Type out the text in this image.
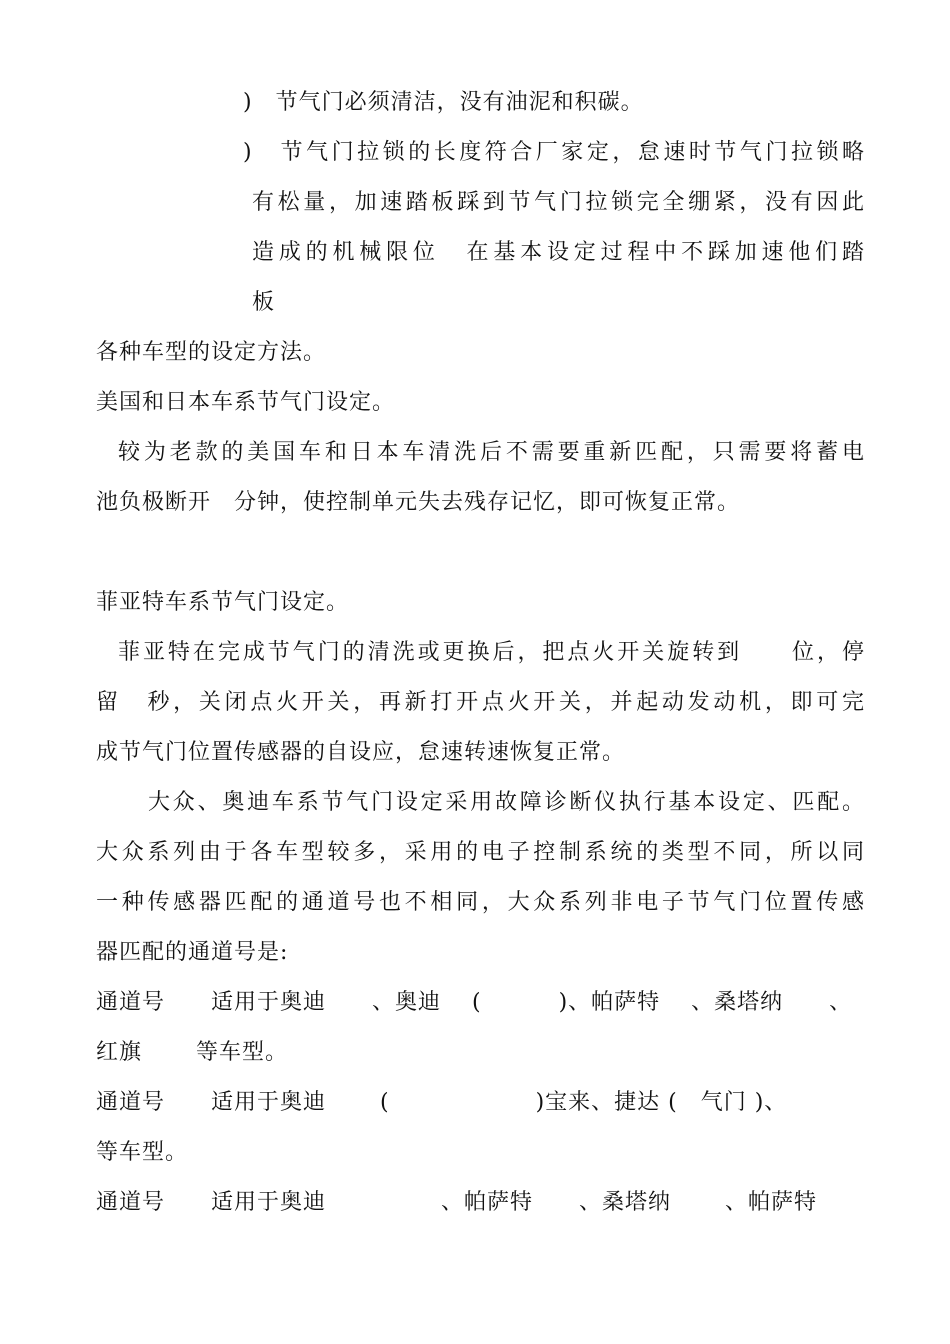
)　节气门必须清洁，没有油泥和积碳。
)　节气门拉锁的长度符合厂家定，怠速时节气门拉锁略
有松量，加速踏板踩到节气门拉锁完全绷紧，没有因此
造成的机械限位　在基本设定过程中不踩加速他们踏
板
各种车型的设定方法。
美国和日本车系节气门设定。
较为老款的美国车和日本车清洗后不需要重新匹配，只需要将蓄电
池负极断开　分钟，使控制单元失去残存记忆，即可恢复正常。
菲亚特车系节气门设定。
菲亚特在完成节气门的清洗或更换后，把点火开关旋转到　　位，停
留　秒，关闭点火开关，再新打开点火开关，并起动发动机，即可完
成节气门位置传感器的自设应，怠速转速恢复正常。
大众、奥迪车系节气门设定采用故障诊断仪执行基本设定、匹配。
大众系列由于各车型较多，采用的电子控制系统的类型不同，所以同
一种传感器匹配的通道号也不相同，大众系列非电子节气门位置传感
器匹配的通道号是:
通道号　　适用于奥迪　　、奥迪　 (　　　 )、帕萨特　 、桑塔纳　　、
红旗　　 等车型。
通道号　　适用于奥迪　　 (　　　　　　 )宝来、捷达 (　气门 )、
等车型。
通道号　　适用于奥迪　　　　　、帕萨特　　、桑塔纳　　 、帕萨特
